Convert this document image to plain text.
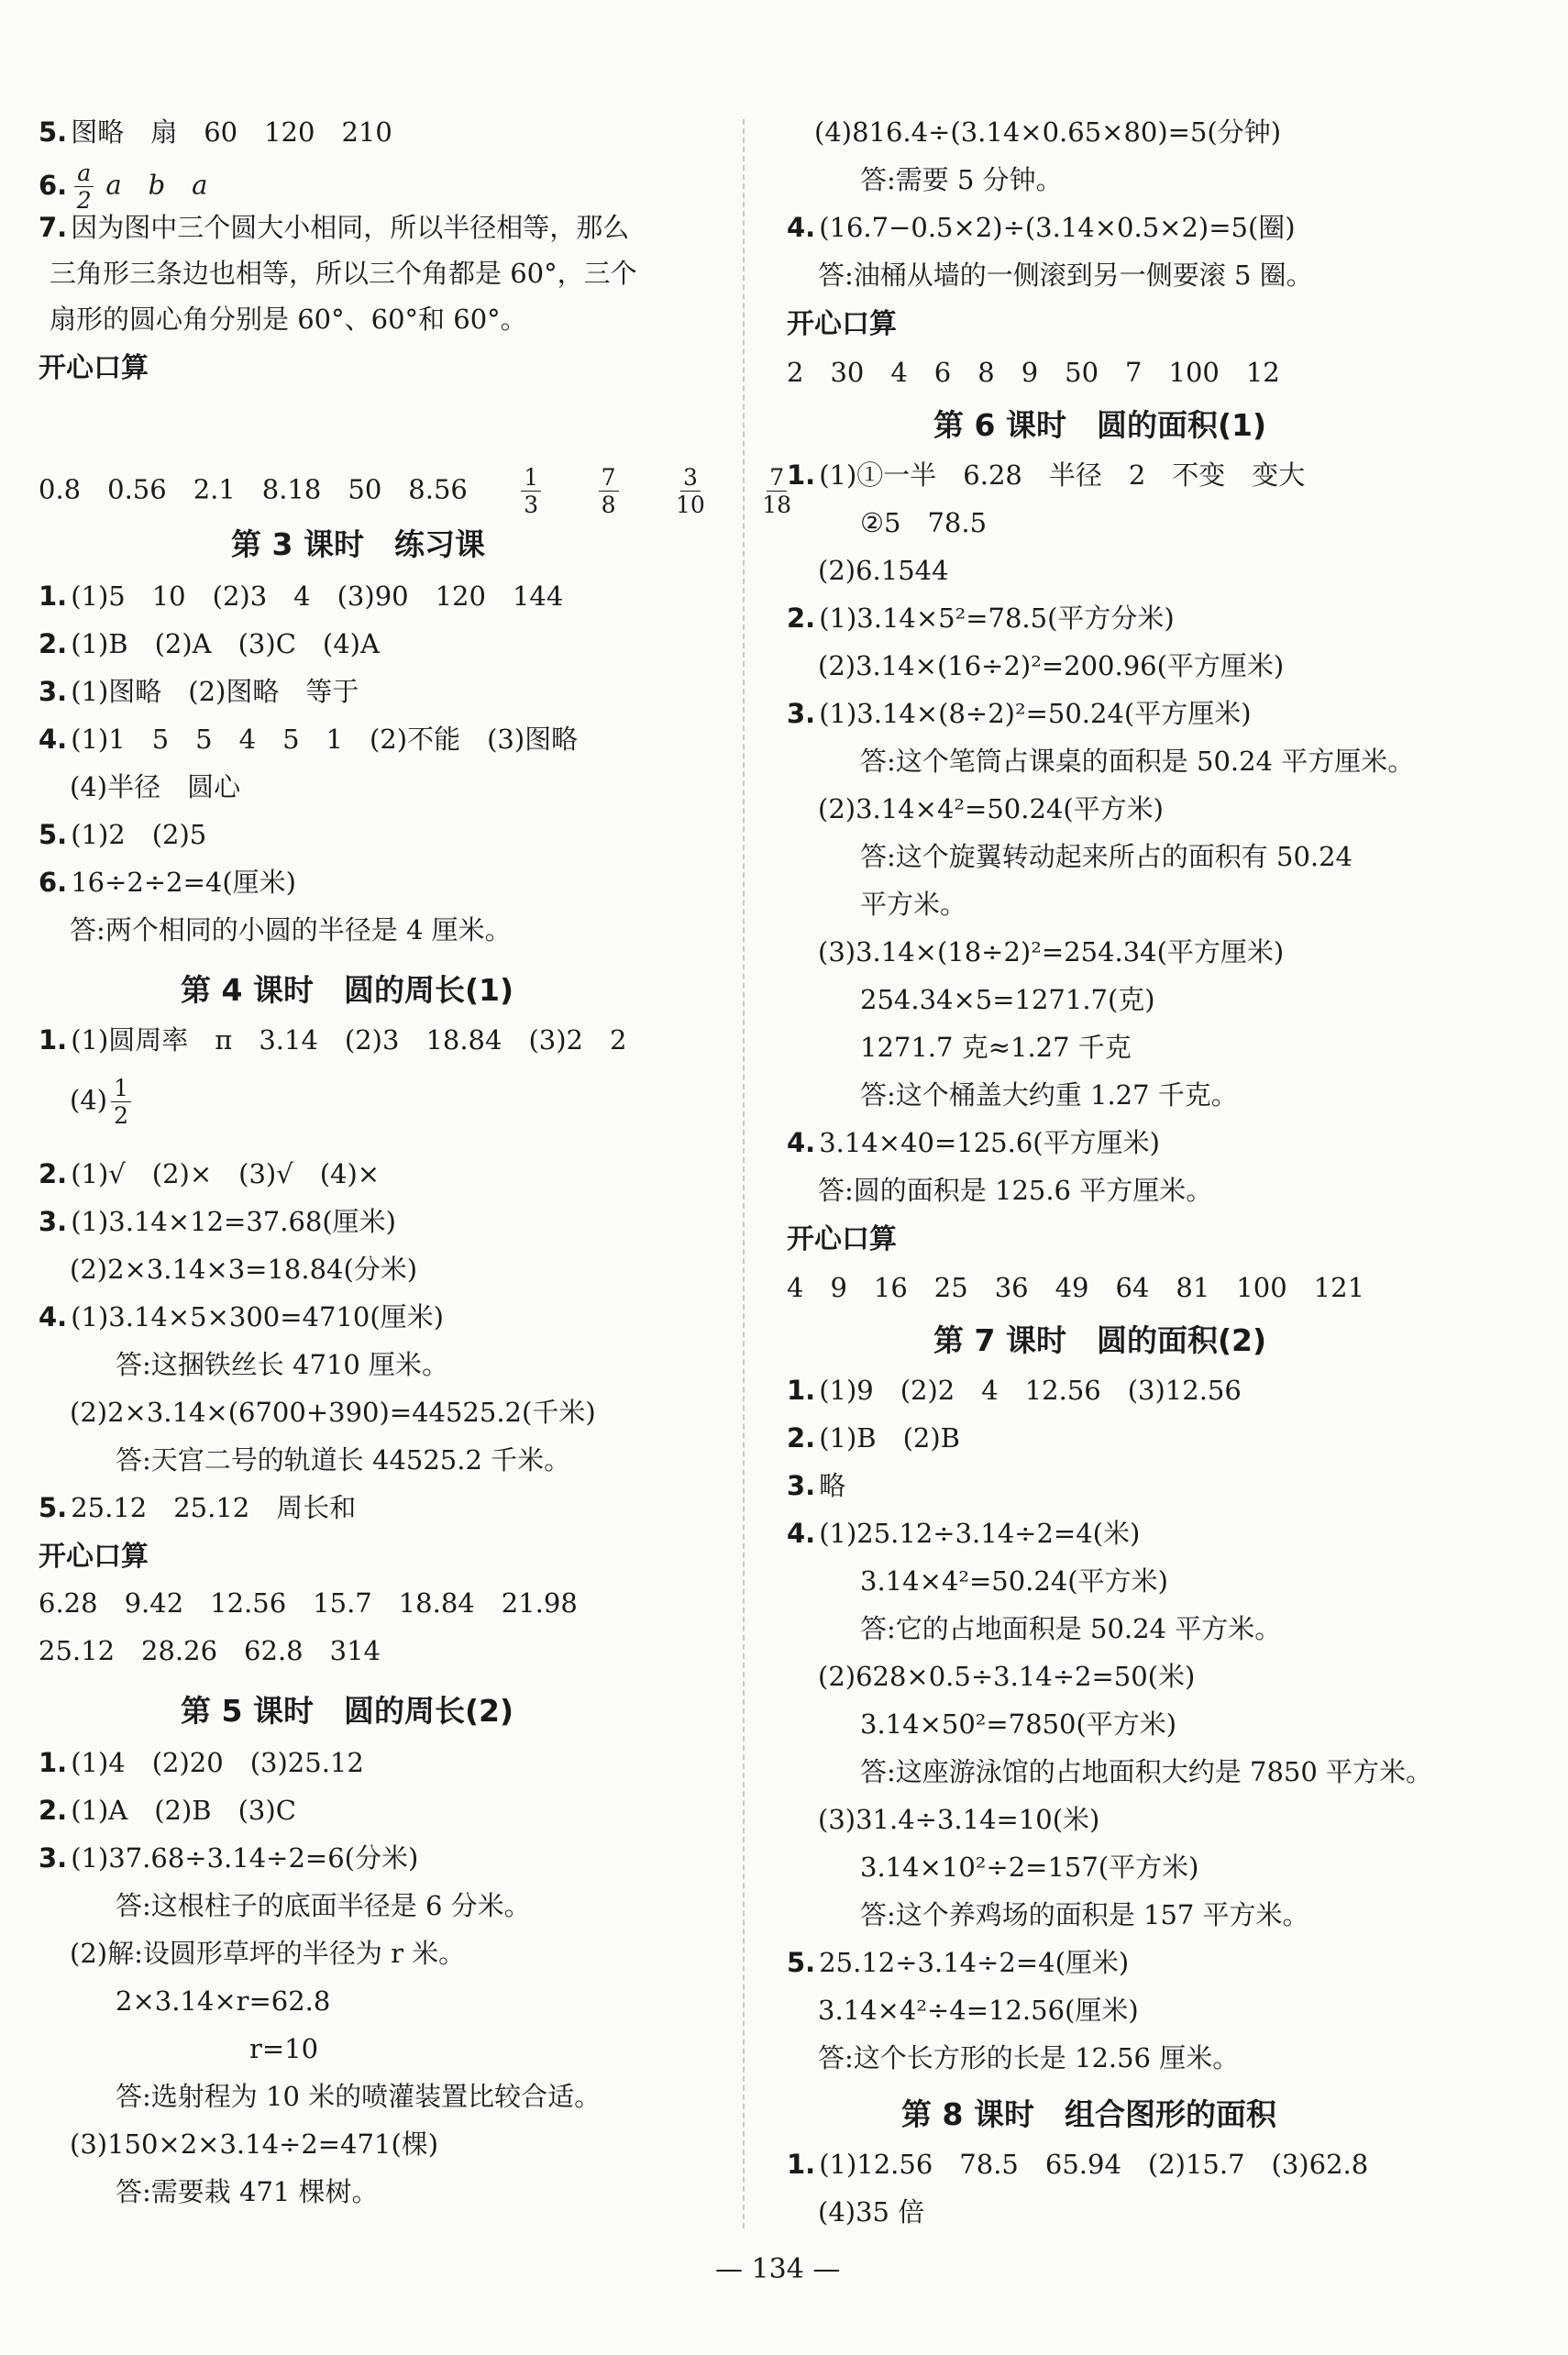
5. 图略　扇　60　120　210
6. $\frac{a}{2}$ a　b　a
7. 因为图中三个圆大小相同，所以半径相等，那么
三角形三条边也相等，所以三个角都是 60°，三个
扇形的圆心角分别是 60°、60°和 60°。
开心口算
0.8　0.56　2.1　8.18　50　$8.56 \frac{1}{3}$
$\frac{7}{8}$
$\frac{3}{10}$
$\frac{7}{18}$
第 3 课时　练习课
1. (1)5　10　(2)3　4　(3)90　120　144
2. (1)B　(2)A　(3)C　(4)A
3. (1)图略　(2)图略　等于
4. (1)1　5　5　4　5　1　(2)不能　(3)图略
(4)半径　圆心
5. (1)2　(2)5
6. 16÷2÷2=4(厘米)
答:两个相同的小圆的半径是 4 厘米。
第 4 课时　圆的周长(1)
1. (1)圆周率　π　3.14　(2)3　18.84　(3)2　2
$(4) \frac{1}{2}$
2. (1)√　(2)×　(3)√　(4)×
3. (1)3.14×12=37.68(厘米)
(2)2×3.14×3=18.84(分米)
4. (1)3.14×5×300=4710(厘米)
答:这捆铁丝长 4710 厘米。
(2)2×3.14×(6700+390)=44525.2(千米)
答:天宫二号的轨道长 44525.2 千米。
5. 25.12　25.12　周长和
开心口算
6.28　9.42　12.56　15.7　18.84　21.98
25.12　28.26　62.8　314
第 5 课时　圆的周长(2)
1. (1)4　(2)20　(3)25.12
2. (1)A　(2)B　(3)C
3. (1)37.68÷3.14÷2=6(分米)
答:这根柱子的底面半径是 6 分米。
(2)解:设圆形草坪的半径为 r 米。
2×3.14×r=62.8
r=10
答:选射程为 10 米的喷灌装置比较合适。
(3)150×2×3.14÷2=471(棵)
答:需要栽 471 棵树。
(4)816.4÷(3.14×0.65×80)=5(分钟)
答:需要 5 分钟。
4. (16.7−0.5×2)÷(3.14×0.5×2)=5(圈)
答:油桶从墙的一侧滚到另一侧要滚 5 圈。
开心口算
2　30　4　6　8　9　50　7　100　12
第 6 课时　圆的面积(1)
1. (1)①一半　6.28　半径　2　不变　变大
②5　78.5
(2)6.1544
2. (1)3.14×5²=78.5(平方分米)
(2)3.14×(16÷2)²=200.96(平方厘米)
3. (1)3.14×(8÷2)²=50.24(平方厘米)
答:这个笔筒占课桌的面积是 50.24 平方厘米。
(2)3.14×4²=50.24(平方米)
答:这个旋翼转动起来所占的面积有 50.24
平方米。
(3)3.14×(18÷2)²=254.34(平方厘米)
254.34×5=1271.7(克)
1271.7 克≈1.27 千克
答:这个桶盖大约重 1.27 千克。
4. 3.14×40=125.6(平方厘米)
答:圆的面积是 125.6 平方厘米。
开心口算
4　9　16　25　36　49　64　81　100　121
第 7 课时　圆的面积(2)
1. (1)9　(2)2　4　12.56　(3)12.56
2. (1)B　(2)B
3. 略
4. (1)25.12÷3.14÷2=4(米)
3.14×4²=50.24(平方米)
答:它的占地面积是 50.24 平方米。
(2)628×0.5÷3.14÷2=50(米)
3.14×50²=7850(平方米)
答:这座游泳馆的占地面积大约是 7850 平方米。
(3)31.4÷3.14=10(米)
3.14×10²÷2=157(平方米)
答:这个养鸡场的面积是 157 平方米。
5. 25.12÷3.14÷2=4(厘米)
3.14×4²÷4=12.56(厘米)
答:这个长方形的长是 12.56 厘米。
第 8 课时　组合图形的面积
1. (1)12.56　78.5　65.94　(2)15.7　(3)62.8
(4)35 倍
— 134 —
